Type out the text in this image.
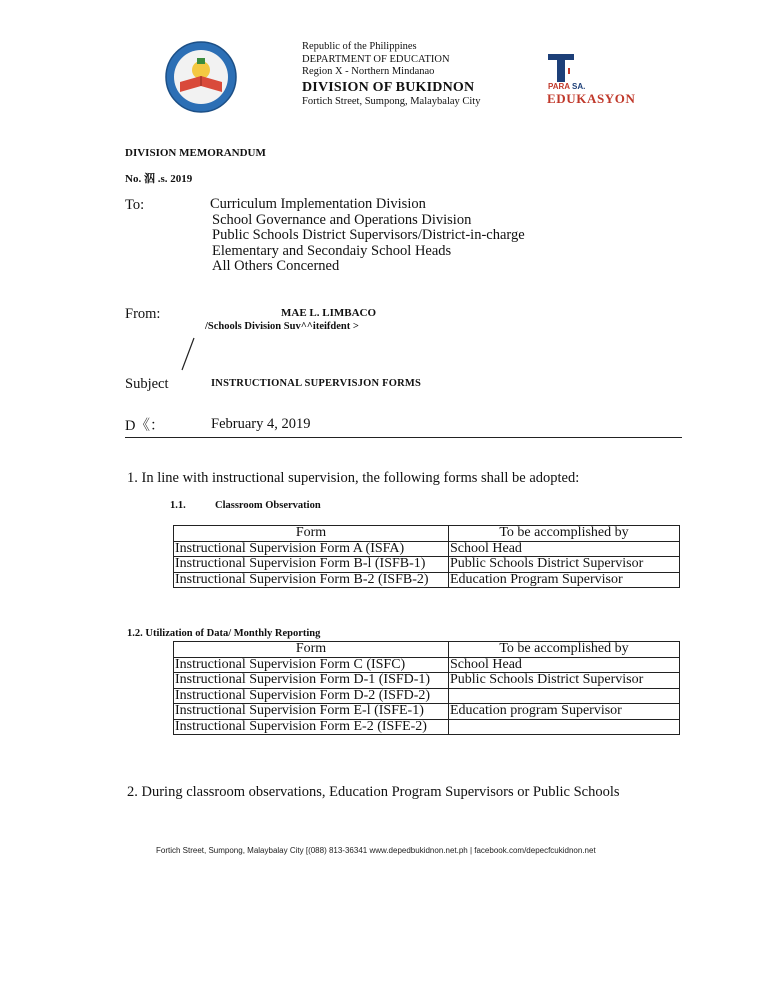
Republic of the Philippines
DEPARTMENT OF EDUCATION
Region X - Northern Mindanao
DIVISION OF BUKIDNON
Fortich Street, Sumpong, Malaybalay City
PARA SA.
EDUKASYON
DIVISION MEMORANDUM
No. 泅 .s. 2019
To:	Curriculum Implementation Division
School Governance and Operations Division
Public Schools District Supervisors/District-in-charge
Elementary and Secondaiy School Heads
All Others Concerned
From:	MAE L. LIMBACO
/Schools Division Suv^^iteifdent >
Subject	INSTRUCTIONAL SUPERVISJON FORMS
D《：	February 4, 2019
1. In line with instructional supervision, the following forms shall be adopted:
1.1.	Classroom Observation
Form	To be accomplished by
Instructional Supervision Form A (ISFA)	School Head
Instructional Supervision Form B-l (ISFB-1)	Public Schools District Supervisor
Instructional Supervision Form B-2 (ISFB-2)	Education Program Supervisor
1.2. Utilization of Data/ Monthly Reporting
Form	To be accomplished by
Instructional Supervision Form C (ISFC)	School Head
Instructional Supervision Form D-1 (ISFD-1)	Public Schools District Supervisor
Instructional Supervision Form D-2 (ISFD-2)	
Instructional Supervision Form E-l (ISFE-1)	Education program Supervisor
Instructional Supervision Form E-2 (ISFE-2)	
2. During classroom observations, Education Program Supervisors or Public Schools
Fortich Street, Sumpong, Malaybalay City [(088) 813-36341 www.depedbukidnon.net.ph | facebook.com/depecfcukidnon.net
